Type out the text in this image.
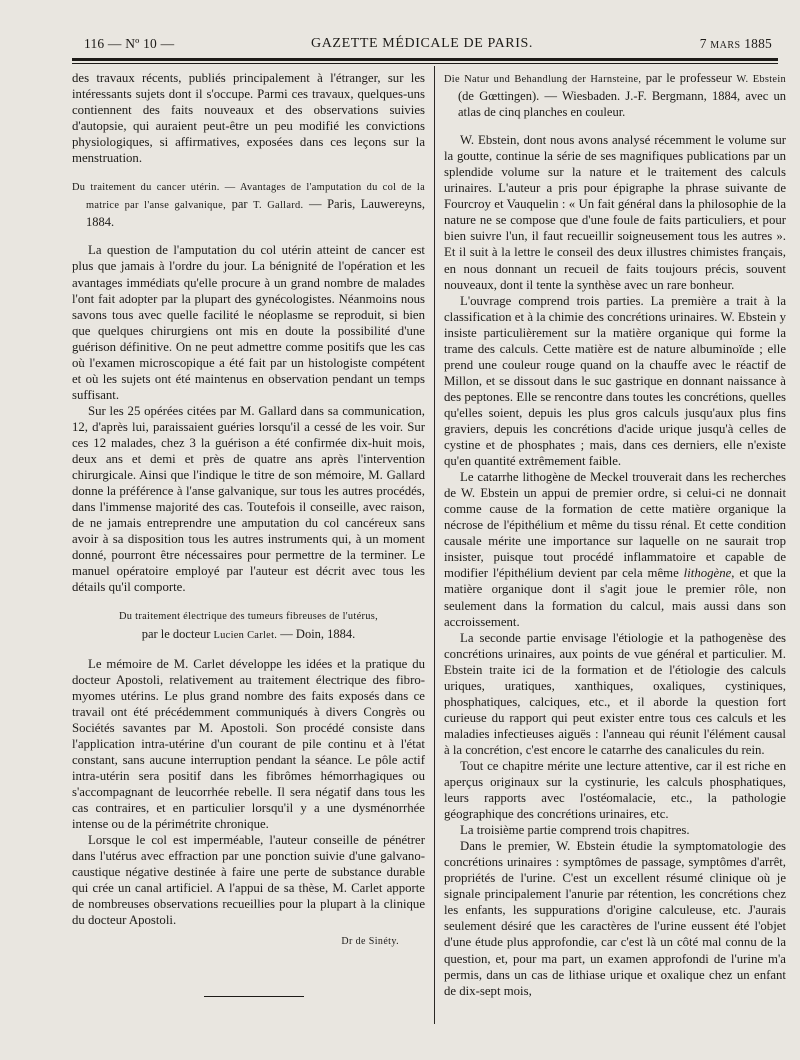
116 — Nº 10 —	GAZETTE MÉDICALE DE PARIS.	7 MARS 1885

des travaux récents, publiés principalement à l'étranger, sur les intéressants sujets dont il s'occupe. Parmi ces travaux, quelques-uns contiennent des faits nouveaux et des observations suivies d'autopsie, qui auraient peut-être un peu modifié les convictions physiologiques, si affirmatives, exposées dans ces leçons sur la menstruation.

Du traitement du cancer utérin. — Avantages de l'amputation du col de la matrice par l'anse galvanique, par T. Gallard. — Paris, Lauwereyns, 1884.

La question de l'amputation du col utérin atteint de cancer est plus que jamais à l'ordre du jour. La bénignité de l'opération et les avantages immédiats qu'elle procure à un grand nombre de malades l'ont fait adopter par la plupart des gynécologistes. Néanmoins nous savons tous avec quelle facilité le néoplasme se reproduit, si bien que quelques chirurgiens ont mis en doute la possibilité d'une guérison définitive. On ne peut admettre comme positifs que les cas où l'examen microscopique a été fait par un histologiste compétent et où les sujets ont été maintenus en observation pendant un temps suffisant.

Sur les 25 opérées citées par M. Gallard dans sa communication, 12, d'après lui, paraissaient guéries lorsqu'il a cessé de les voir. Sur ces 12 malades, chez 3 la guérison a été confirmée dix-huit mois, deux ans et demi et près de quatre ans après l'intervention chirurgicale. Ainsi que l'indique le titre de son mémoire, M. Gallard donne la préférence à l'anse galvanique, sur tous les autres procédés, dans l'immense majorité des cas. Toutefois il conseille, avec raison, de ne jamais entreprendre une amputation du col cancéreux sans avoir à sa disposition tous les autres instruments qui, à un moment donné, pourront être nécessaires pour permettre de la terminer. Le manuel opératoire employé par l'auteur est décrit avec tous les détails qu'il comporte.

Du traitement électrique des tumeurs fibreuses de l'utérus,
par le docteur Lucien Carlet. — Doin, 1884.

Le mémoire de M. Carlet développe les idées et la pratique du docteur Apostoli, relativement au traitement électrique des fibro-myomes utérins. Le plus grand nombre des faits exposés dans ce travail ont été précédemment communiqués à divers Congrès ou Sociétés savantes par M. Apostoli. Son procédé consiste dans l'application intra-utérine d'un courant de pile continu et à l'état constant, sans aucune interruption pendant la séance. Le pôle actif intra-utérin sera positif dans les fibrômes hémorrhagiques ou s'accompagnant de leucorrhée rebelle. Il sera négatif dans tous les cas contraires, et en particulier lorsqu'il y a une dysménorrhée intense ou de la périmétrite chronique.

Lorsque le col est imperméable, l'auteur conseille de pénétrer dans l'utérus avec effraction par une ponction suivie d'une galvano-caustique négative destinée à faire une perte de substance durable qui crée un canal artificiel. A l'appui de sa thèse, M. Carlet apporte de nombreuses observations recueillies pour la plupart à la clinique du docteur Apostoli.

Dr de Sinéty.
Die Natur und Behandlung der Harnsteine, par le professeur W. Ebstein (de Gœttingen). — Wiesbaden. J.-F. Bergmann, 1884, avec un atlas de cinq planches en couleur.

W. Ebstein, dont nous avons analysé récemment le volume sur la goutte, continue la série de ses magnifiques publications par un splendide volume sur la nature et le traitement des calculs urinaires. L'auteur a pris pour épigraphe la phrase suivante de Fourcroy et Vauquelin : « Un fait général dans la philosophie de la nature ne se compose que d'une foule de faits particuliers, et pour bien suivre l'un, il faut recueillir soigneusement tous les autres ». Et il suit à la lettre le conseil des deux illustres chimistes français, en nous donnant un recueil de faits toujours précis, souvent nouveaux, dont il tente la synthèse avec un rare bonheur.

L'ouvrage comprend trois parties. La première a trait à la classification et à la chimie des concrétions urinaires. W. Ebstein y insiste particulièrement sur la matière organique qui forme la trame des calculs. Cette matière est de nature albuminoïde ; elle prend une couleur rouge quand on la chauffe avec le réactif de Millon, et se dissout dans le suc gastrique en donnant naissance à des peptones. Elle se rencontre dans toutes les concrétions, quelles qu'elles soient, depuis les plus gros calculs jusqu'aux plus fins graviers, depuis les concrétions d'acide urique jusqu'à celles de cystine et de phosphates ; mais, dans ces derniers, elle n'existe qu'en quantité extrêmement faible.

Le catarrhe lithogène de Meckel trouverait dans les recherches de W. Ebstein un appui de premier ordre, si celui-ci ne donnait comme cause de la formation de cette matière organique la nécrose de l'épithélium et même du tissu rénal. Et cette condition causale mérite une importance sur laquelle on ne saurait trop insister, puisque tout procédé inflammatoire et capable de modifier l'épithélium devient par cela même lithogène, et que la matière organique dont il s'agit joue le premier rôle, non seulement dans la formation du calcul, mais aussi dans son accroissement.

La seconde partie envisage l'étiologie et la pathogenèse des concrétions urinaires, aux points de vue général et particulier. M. Ebstein traite ici de la formation et de l'étiologie des calculs uriques, uratiques, xanthiques, oxaliques, cystiniques, phosphatiques, calciques, etc., et il aborde la question fort curieuse du rapport qui peut exister entre tous ces calculs et les maladies infectieuses aiguës : l'anneau qui réunit l'élément causal à la concrétion, c'est encore le catarrhe des canalicules du rein.

Tout ce chapitre mérite une lecture attentive, car il est riche en aperçus originaux sur la cystinurie, les calculs phosphatiques, leurs rapports avec l'ostéomalacie, etc., la pathologie géographique des concrétions urinaires, etc.

La troisième partie comprend trois chapitres.

Dans le premier, W. Ebstein étudie la symptomatologie des concrétions urinaires : symptômes de passage, symptômes d'arrêt, propriétés de l'urine. C'est un excellent résumé clinique où je signale principalement l'anurie par rétention, les concrétions chez les enfants, les suppurations d'origine calculeuse, etc. J'aurais seulement désiré que les caractères de l'urine eussent été l'objet d'une étude plus approfondie, car c'est là un côté mal connu de la question, et, pour ma part, un examen approfondi de l'urine m'a permis, dans un cas de lithiase urique et oxalique chez un enfant de dix-sept mois,
